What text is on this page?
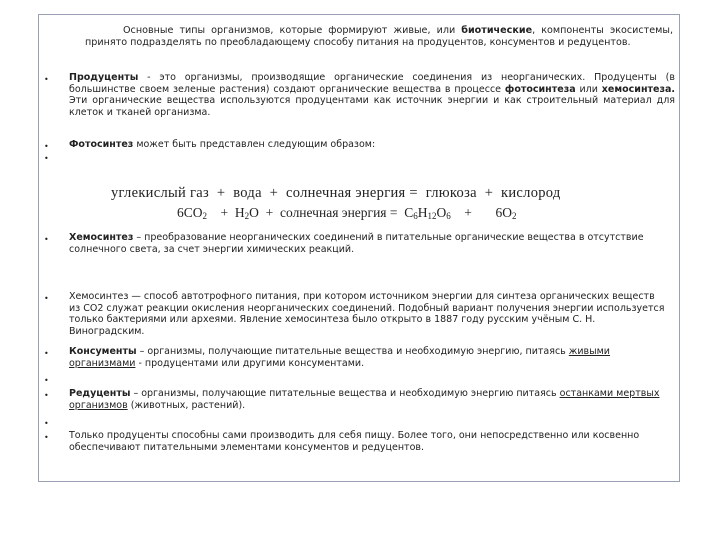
Основные типы организмов, которые формируют живые, или биотические, компоненты экосистемы, принято подразделять по преобладающему способу питания на продуцентов, консументов и редуцентов.

• Продуценты - это организмы, производящие органические соединения из неорганических. Продуценты (в большинстве своем зеленые растения) создают органические вещества в процессе фотосинтеза или хемосинтеза. Эти органические вещества используются продуцентами как источник энергии и как строительный материал для клеток и тканей организма.

• Фотосинтез может быть представлен следующим образом:

•
углекислый газ  +  вода  +  солнечная энергия =  глюкоза  +  кислород
$6CO_2$    +  $H_2O$  +  солнечная энергия =  $C_6H_{12}O_6$    +       $6O_2$
• Хемосинтез – преобразование неорганических соединений в питательные органические вещества в отсутствие солнечного света, за счет энергии химических реакций.

• Хемосинтез — способ автотрофного питания, при котором источником энергии для синтеза органических веществ из CO2 служат реакции окисления неорганических соединений. Подобный вариант получения энергии используется только бактериями или археями. Явление хемосинтеза было открыто в 1887 году русским учёным С. Н. Виноградским.

• Консументы – организмы, получающие питательные вещества и необходимую энергию, питаясь живыми организмами - продуцентами или другими консументами.

•
• Редуценты – организмы, получающие питательные вещества и необходимую энергию питаясь останками мертвых организмов (животных, растений).

•
• Только продуценты способны сами производить для себя пищу. Более того, они непосредственно или косвенно обеспечивают питательными элементами консументов и редуцентов.
